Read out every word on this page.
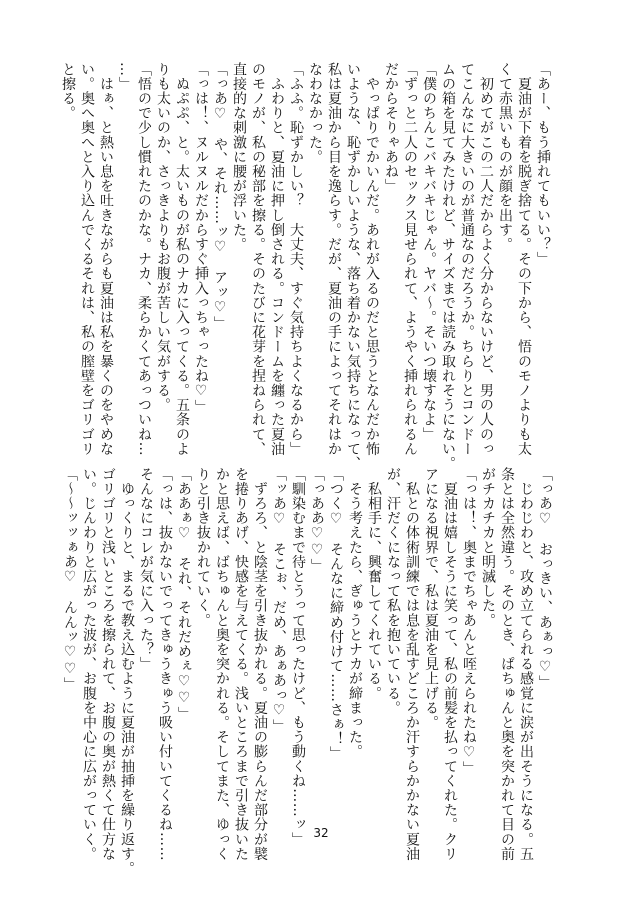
「あー、もう挿れてもいい？」

　夏油が下着を脱ぎ捨てる。その下から、悟のモノよりも太

くて赤黒いものが顔を出す。

　初めてがこの二人だからよく分からないけど、男の人のっ

てこんなに大きいのが普通なのだろうか。ちらりとコンドー

ムの箱を見てみたけれど、サイズまでは読み取れそうにない。

「僕のちんこバキバキじゃん。ヤバ〜。そいつ壊すなよ」

「ずっと二人のセックス見せられて、ようやく挿れられるん

だからそりゃあね」

　やっぱりでかいんだ。あれが入るのだと思うとなんだか怖

いような、恥ずかしいような、落ち着かない気持ちになって、

私は夏油から目を逸らす。だが、夏油の手によってそれはか

なわなかった。

「ふふ。恥ずかしい？　大丈夫、すぐ気持ちよくなるから」

　ふわりと、夏油に押し倒される。コンドームを纏った夏油

のモノが、私の秘部を擦る。そのたびに花芽を捏ねられて、

直接的な刺激に腰が浮いた。

「っあ♡　や、それ……ッ♡　アッ♡」

「っは！、ヌルヌルだからすぐ挿入っちゃったね♡」

　ぬぷぷ、と。太いものが私のナカに入ってくる。五条のよ

りも太いのか、さっきよりもお腹が苦しい気がする。

「悟ので少し慣れたのかな。ナカ、柔らかくてあっついね…

…」

　はぁ、と熱い息を吐きながらも夏油は私を暴くのをやめな

い。奥へ奥へと入り込んでくるそれは、私の膣壁をゴリゴリ

と擦る。

「っあ♡　おっきい、あぁっ♡」

　じわじわと、攻め立てられる感覚に涙が出そうになる。五

条とは全然違う。そのとき、ぱちゅんと奥を突かれて目の前

がチカチカと明滅した。

「っは！、奥までちゃあんと咥えられたね♡」

　夏油は嬉しそうに笑って、私の前髪を払ってくれた。クリ

アになる視界で、私は夏油を見上げる。

　私との体術訓練では息を乱すどころか汗すらかかない夏油

が、汗だくになって私を抱いている。

　私相手に、興奮してくれている。

　そう考えたら、ぎゅうとナカが締まった。

「つく♡　そんなに締め付けて……さぁ！」

「っああ♡♡」

「馴染むまで待とうって思ったけど、もう動くね……ッ」

「ッあ♡　そこぉ、だめ、あぁあっ♡」

　ずろろ、と陰茎を引き抜かれる。夏油の膨らんだ部分が襞

を捲りあげ、快感を与えてくる。浅いところまで引き抜いた

かと思えば、ばちゅんと奥を突かれる。そしてまた、ゆっく

りと引き抜かれていく。

「ああぁ♡　それ、それだめぇ♡♡」

「っは、抜かないでってきゅうきゅう吸い付いてくるね……

そんなにコレが気に入った？」

　ゆっくりと、まるで教え込むように夏油が抽挿を繰り返す。

ゴリゴリと浅いところを擦られて、お腹の奥が熱くて仕方な

い。じんわりと広がった波が、お腹を中心に広がっていく。

「〜〜ッッぁあ♡　んんッ♡♡」

32
